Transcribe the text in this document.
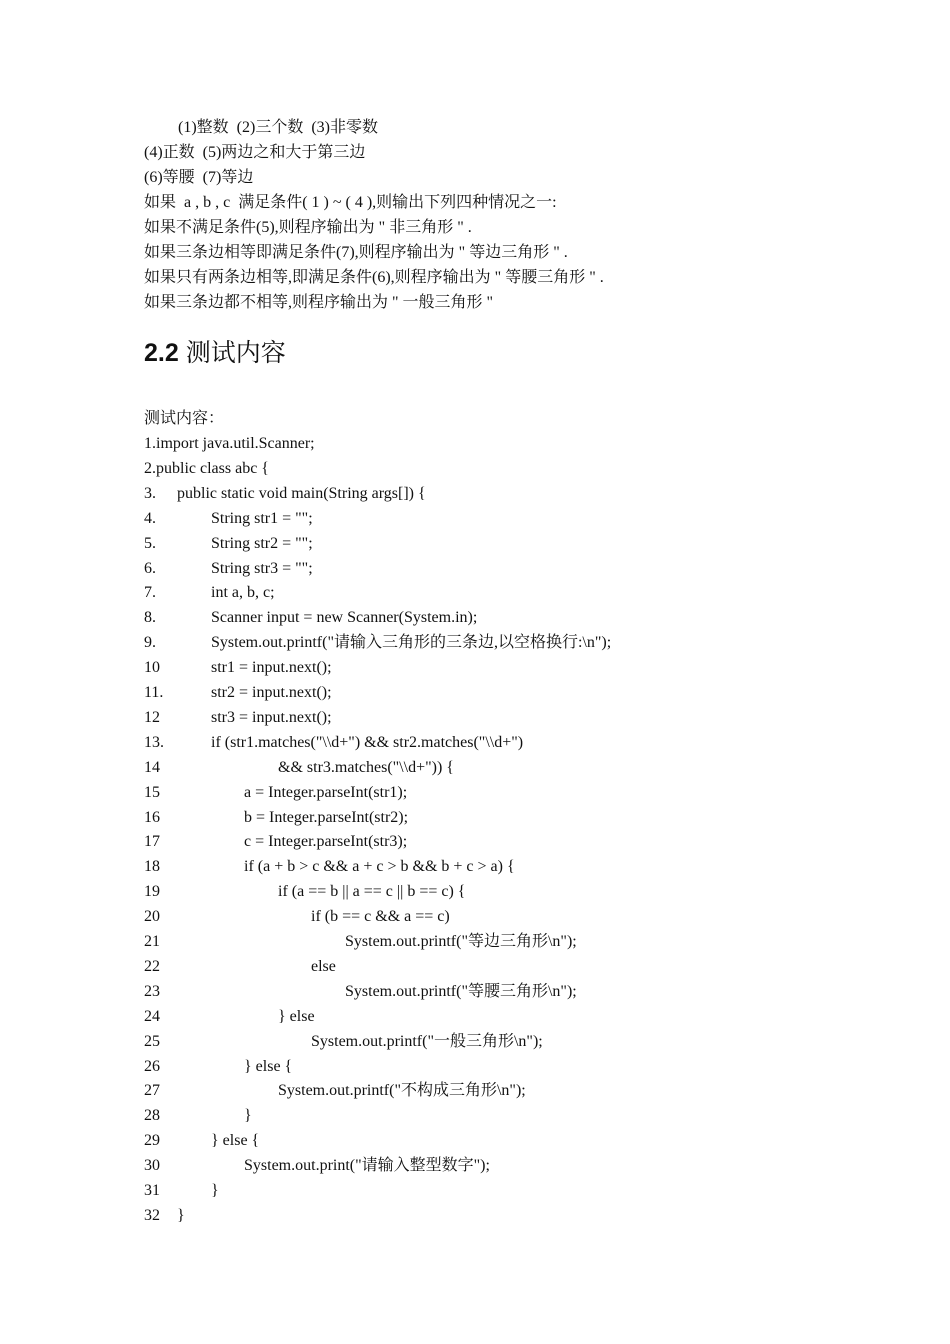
(1)整数  (2)三个数  (3)非零数
(4)正数  (5)两边之和大于第三边
(6)等腰  (7)等边
如果  a , b , c  满足条件( 1 ) ~ ( 4 ),则输出下列四种情况之一:
如果不满足条件(5),则程序输出为 " 非三角形 " .
如果三条边相等即满足条件(7),则程序输出为 " 等边三角形 " .
如果只有两条边相等,即满足条件(6),则程序输出为 " 等腰三角形 " .
如果三条边都不相等,则程序输出为 " 一般三角形 "
2.2 测试内容
测试内容：
1. import java.util.Scanner;
2. public class abc {
3. public static void main(String args[]) {
4.	String str1 = "";
5.	String str2 = "";
6.	String str3 = "";
7.	int a, b, c;
8.	Scanner input = new Scanner(System.in);
9.	System.out.printf("请输入三角形的三条边,以空格换行:\n");
10	str1 = input.next();
11.	str2 = input.next();
12	str3 = input.next();
13.	if (str1.matches("\\d+") && str2.matches("\\d+")
14	&& str3.matches("\\d+")) {
15	a = Integer.parseInt(str1);
16	b = Integer.parseInt(str2);
17	c = Integer.parseInt(str3);
18	if (a + b > c && a + c > b && b + c > a) {
19	if (a == b || a == c || b == c) {
20	if (b == c && a == c)
21	System.out.printf("等边三角形\n");
22	else
23	System.out.printf("等腰三角形\n");
24	} else
25	System.out.printf("一般三角形\n");
26	} else {
27	System.out.printf("不构成三角形\n");
28	}
29	} else {
30	System.out.print("请输入整型数字");
31	}
32 }
